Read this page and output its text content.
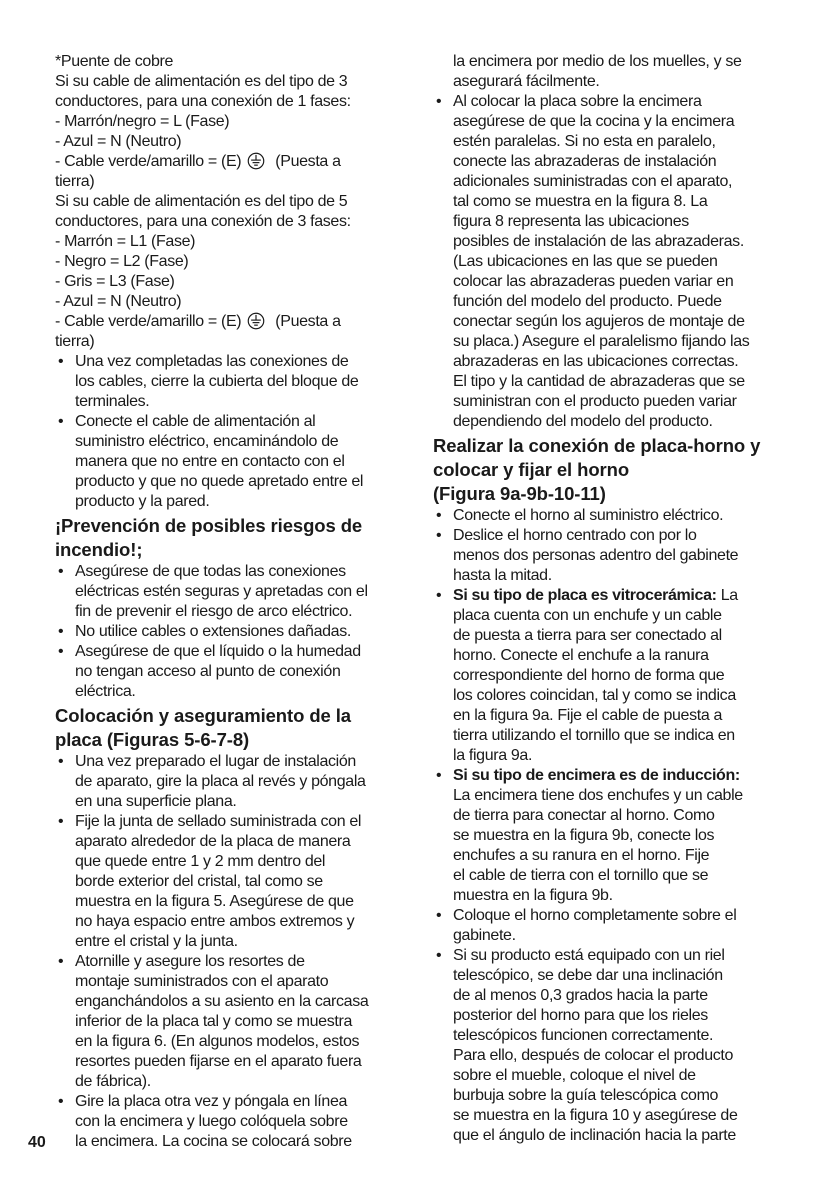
*Puente de cobre
Si su cable de alimentación es del tipo de 3
conductores, para una conexión de 1 fases:
- Marrón/negro = L (Fase)
- Azul = N (Neutro)
- Cable verde/amarillo = (E) (Puesta a
tierra)
Si su cable de alimentación es del tipo de 5
conductores, para una conexión de 3 fases:
- Marrón = L1 (Fase)
- Negro = L2 (Fase)
- Gris = L3 (Fase)
- Azul = N (Neutro)
- Cable verde/amarillo = (E) (Puesta a
tierra)
• Una vez completadas las conexiones de
los cables, cierre la cubierta del bloque de
terminales.
• Conecte el cable de alimentación al
suministro eléctrico, encaminándolo de
manera que no entre en contacto con el
producto y que no quede apretado entre el
producto y la pared.
¡Prevención de posibles riesgos de
incendio!;
• Asegúrese de que todas las conexiones
eléctricas estén seguras y apretadas con el
fin de prevenir el riesgo de arco eléctrico.
• No utilice cables o extensiones dañadas.
• Asegúrese de que el líquido o la humedad
no tengan acceso al punto de conexión
eléctrica.
Colocación y aseguramiento de la
placa (Figuras 5-6-7-8)
• Una vez preparado el lugar de instalación
de aparato, gire la placa al revés y póngala
en una superficie plana.
• Fije la junta de sellado suministrada con el
aparato alrededor de la placa de manera
que quede entre 1 y 2 mm dentro del
borde exterior del cristal, tal como se
muestra en la figura 5. Asegúrese de que
no haya espacio entre ambos extremos y
entre el cristal y la junta.
• Atornille y asegure los resortes de
montaje suministrados con el aparato
enganchándolos a su asiento en la carcasa
inferior de la placa tal y como se muestra
en la figura 6. (En algunos modelos, estos
resortes pueden fijarse en el aparato fuera
de fábrica).
• Gire la placa otra vez y póngala en línea
con la encimera y luego colóquela sobre
la encimera. La cocina se colocará sobre
la encimera por medio de los muelles, y se
asegurará fácilmente.
• Al colocar la placa sobre la encimera
asegúrese de que la cocina y la encimera
estén paralelas. Si no esta en paralelo,
conecte las abrazaderas de instalación
adicionales suministradas con el aparato,
tal como se muestra en la figura 8. La
figura 8 representa las ubicaciones
posibles de instalación de las abrazaderas.
(Las ubicaciones en las que se pueden
colocar las abrazaderas pueden variar en
función del modelo del producto. Puede
conectar según los agujeros de montaje de
su placa.) Asegure el paralelismo fijando las
abrazaderas en las ubicaciones correctas.
El tipo y la cantidad de abrazaderas que se
suministran con el producto pueden variar
dependiendo del modelo del producto.
Realizar la conexión de placa-horno y
colocar y fijar el horno
(Figura 9a-9b-10-11)
• Conecte el horno al suministro eléctrico.
• Deslice el horno centrado con por lo
menos dos personas adentro del gabinete
hasta la mitad.
• Si su tipo de placa es vitrocerámica: La
placa cuenta con un enchufe y un cable
de puesta a tierra para ser conectado al
horno. Conecte el enchufe a la ranura
correspondiente del horno de forma que
los colores coincidan, tal y como se indica
en la figura 9a. Fije el cable de puesta a
tierra utilizando el tornillo que se indica en
la figura 9a.
• Si su tipo de encimera es de inducción:
La encimera tiene dos enchufes y un cable
de tierra para conectar al horno. Como
se muestra en la figura 9b, conecte los
enchufes a su ranura en el horno. Fije
el cable de tierra con el tornillo que se
muestra en la figura 9b.
• Coloque el horno completamente sobre el
gabinete.
• Si su producto está equipado con un riel
telescópico, se debe dar una inclinación
de al menos 0,3 grados hacia la parte
posterior del horno para que los rieles
telescópicos funcionen correctamente.
Para ello, después de colocar el producto
sobre el mueble, coloque el nivel de
burbuja sobre la guía telescópica como
se muestra en la figura 10 y asegúrese de
que el ángulo de inclinación hacia la parte
40
